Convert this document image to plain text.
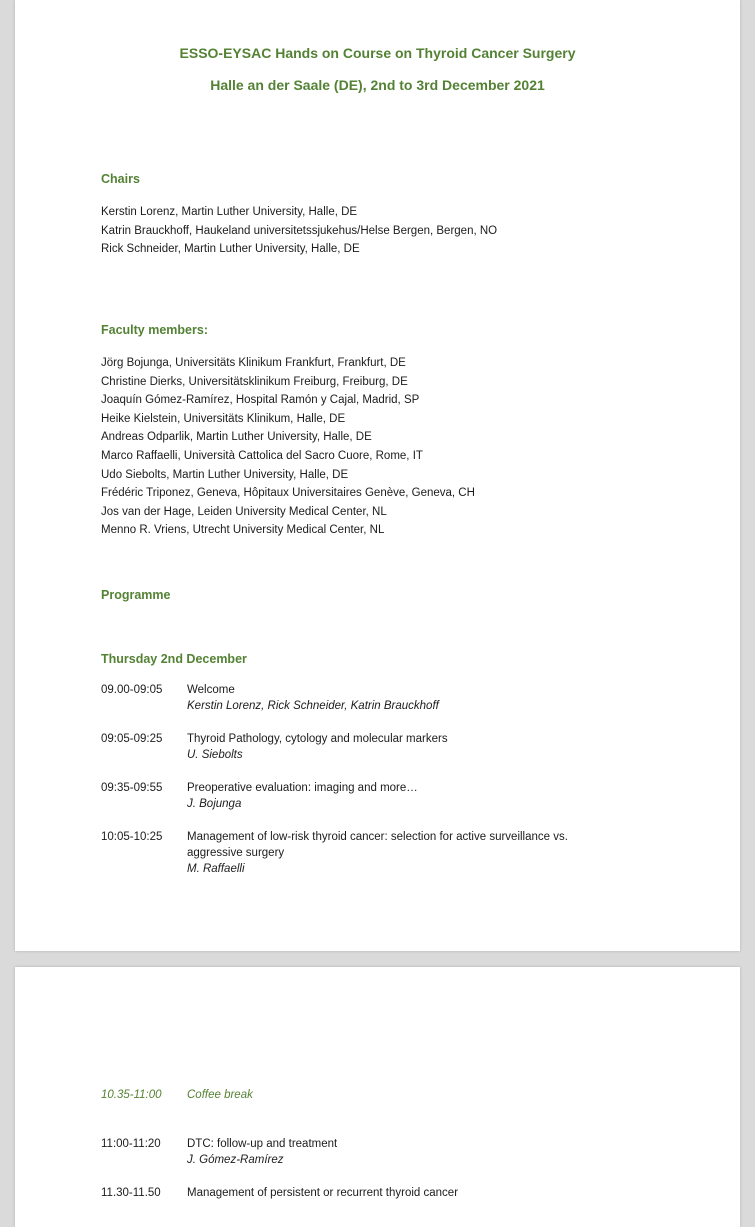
ESSO-EYSAC Hands on Course on Thyroid Cancer Surgery
Halle an der Saale (DE), 2nd to 3rd December 2021
Chairs
Kerstin Lorenz, Martin Luther University, Halle, DE
Katrin Brauckhoff, Haukeland universitetssjukehus/Helse Bergen, Bergen, NO
Rick Schneider, Martin Luther University, Halle, DE
Faculty members:
Jörg Bojunga, Universitäts Klinikum Frankfurt, Frankfurt, DE
Christine Dierks, Universitätsklinikum Freiburg, Freiburg, DE
Joaquín Gómez-Ramírez, Hospital Ramón y Cajal, Madrid, SP
Heike Kielstein, Universitäts Klinikum, Halle, DE
Andreas Odparlik, Martin Luther University, Halle, DE
Marco Raffaelli, Università Cattolica del Sacro Cuore, Rome, IT
Udo Siebolts, Martin Luther University, Halle, DE
Frédéric Triponez, Geneva, Hôpitaux Universitaires Genève, Geneva, CH
Jos van der Hage, Leiden University Medical Center, NL
Menno R. Vriens, Utrecht University Medical Center, NL
Programme
Thursday 2nd December
09.00-09:05 Welcome
Kerstin Lorenz, Rick Schneider, Katrin Brauckhoff
09:05-09:25 Thyroid Pathology, cytology and molecular markers
U. Siebolts
09:35-09:55 Preoperative evaluation: imaging and more…
J. Bojunga
10:05-10:25 Management of low-risk thyroid cancer: selection for active surveillance vs. aggressive surgery
M. Raffaelli
10.35-11:00 Coffee break
11:00-11:20 DTC: follow-up and treatment
J. Gómez-Ramírez
11.30-11.50 Management of persistent or recurrent thyroid cancer
